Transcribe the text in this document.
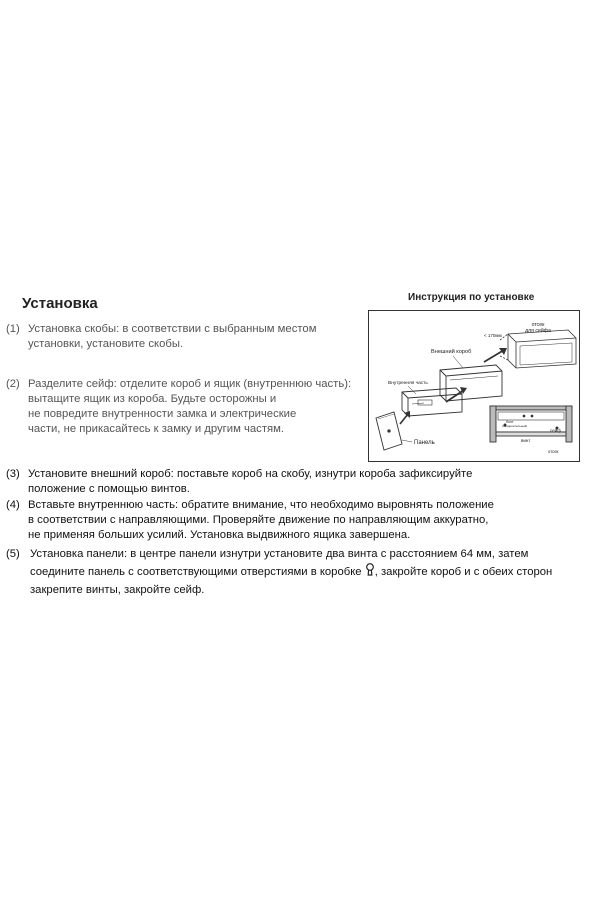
Установка	Инструкция по установке
(1) Установка скобы: в соответствии с выбранным местом
установки, установите скобы.
(2) Разделите сейф: отделите короб и ящик (внутреннюю часть):
вытащите ящик из короба. Будьте осторожны и
не повредите внутренности замка и электрические
части, не прикасайтесь к замку и другим частям.
(3) Установите внешний короб: поставьте короб на скобу, изнутри короба зафиксируйте
положение с помощью винтов.
(4) Вставьте внутреннюю часть: обратите внимание, что необходимо выровнять положение
в соответствии с направляющими. Проверяйте движение по направляющим аккуратно,
не применяя больших усилий. Установка выдвижного ящика завершена.
(5) Установка панели: в центре панели изнутри установите два винта с расстоянием 64 мм, затем
соедините панель с соответствующими отверстиями в коробке , закройте короб и с обеих сторон
закрепите винты, закройте сейф.
отсек
для сейфа
< 170мм
Внешний короб
Внутренняя часть
Панель
болт
(соединительный)
винт
сейф
отсек
